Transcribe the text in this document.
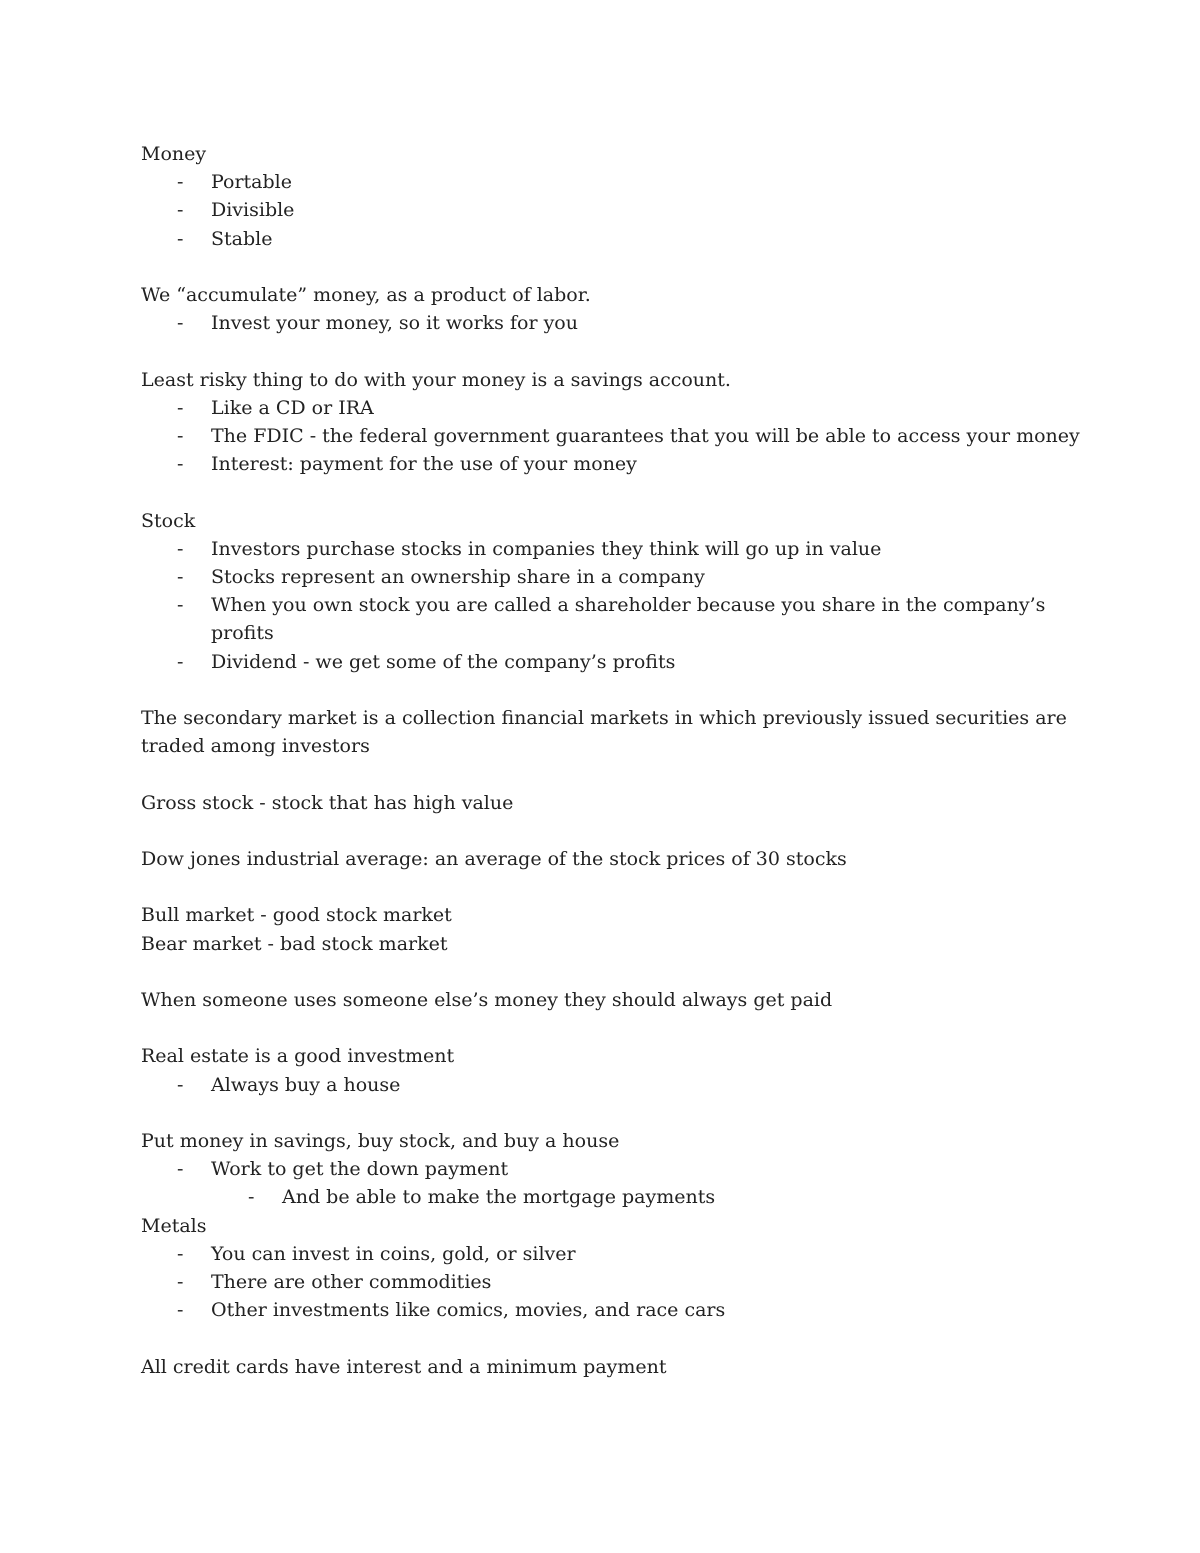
Money

- Portable
- Divisible
- Stable

We “accumulate” money, as a product of labor.

- Invest your money, so it works for you

Least risky thing to do with your money is a savings account.

- Like a CD or IRA
- The FDIC - the federal government guarantees that you will be able to access your money
- Interest: payment for the use of your money

Stock

- Investors purchase stocks in companies they think will go up in value
- Stocks represent an ownership share in a company
- When you own stock you are called a shareholder because you share in the company’s profits
- Dividend - we get some of the company’s profits

The secondary market is a collection financial markets in which previously issued securities are traded among investors

Gross stock - stock that has high value

Dow jones industrial average: an average of the stock prices of 30 stocks

Bull market - good stock market

Bear market - bad stock market

When someone uses someone else’s money they should always get paid

Real estate is a good investment

- Always buy a house

Put money in savings, buy stock, and buy a house

- Work to get the down payment
- And be able to make the mortgage payments

Metals

- You can invest in coins, gold, or silver
- There are other commodities
- Other investments like comics, movies, and race cars

All credit cards have interest and a minimum payment
